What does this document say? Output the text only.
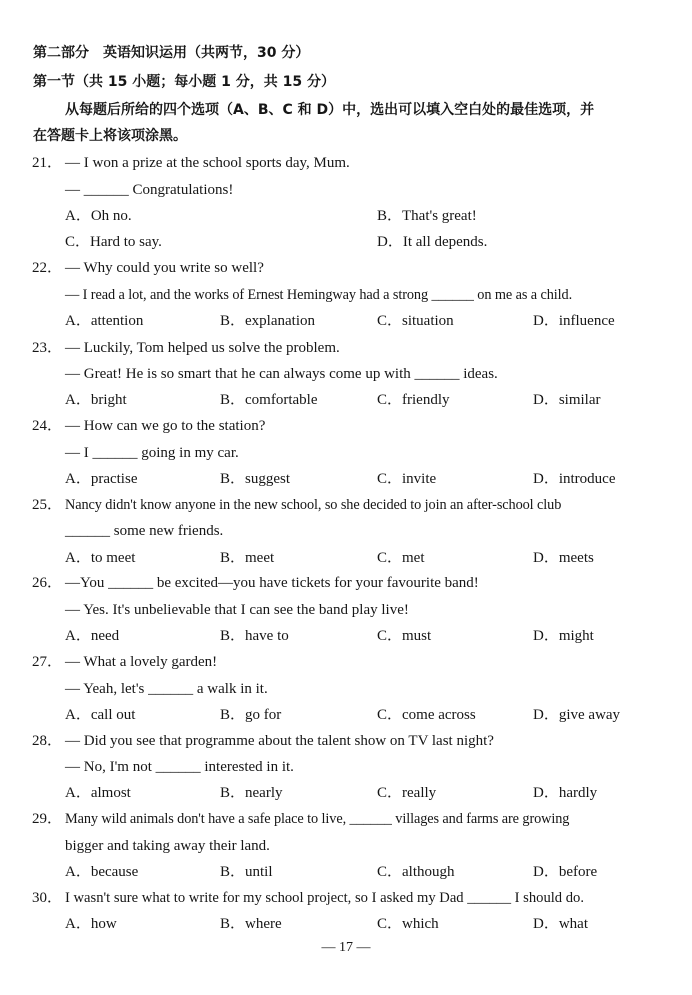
第二部分　英语知识运用（共两节，30 分）
第一节（共 15 小题；每小题 1 分，共 15 分）
从每题后所给的四个选项（A、B、C 和 D）中，选出可以填入空白处的最佳选项，并
在答题卡上将该项涂黑。
21． — I won a prize at the school sports day, Mum.
— ______ Congratulations!
A．Oh no.	B．That's great!
C．Hard to say.	D．It all depends.
22． — Why could you write so well?
— I read a lot, and the works of Ernest Hemingway had a strong ______ on me as a child.
A．attention	B．explanation	C．situation	D．influence
23． — Luckily, Tom helped us solve the problem.
— Great! He is so smart that he can always come up with ______ ideas.
A．bright	B．comfortable	C．friendly	D．similar
24． — How can we go to the station?
— I ______ going in my car.
A．practise	B．suggest	C．invite	D．introduce
25． Nancy didn't know anyone in the new school, so she decided to join an after-school club
______ some new friends.
A．to meet	B．meet	C．met	D．meets
26． —You ______ be excited—you have tickets for your favourite band!
— Yes. It's unbelievable that I can see the band play live!
A．need	B．have to	C．must	D．might
27． — What a lovely garden!
— Yeah, let's ______ a walk in it.
A．call out	B．go for	C．come across	D．give away
28． — Did you see that programme about the talent show on TV last night?
— No, I'm not ______ interested in it.
A．almost	B．nearly	C．really	D．hardly
29． Many wild animals don't have a safe place to live, ______ villages and farms are growing
bigger and taking away their land.
A．because	B．until	C．although	D．before
30． I wasn't sure what to write for my school project, so I asked my Dad ______ I should do.
A．how	B．where	C．which	D．what
— 17 —
